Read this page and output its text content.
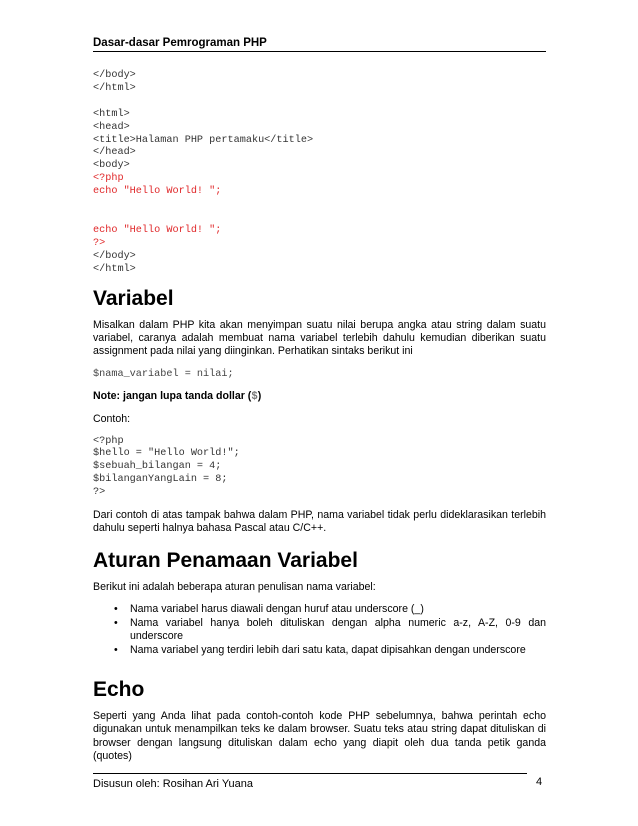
Dasar-dasar Pemrograman PHP
</body>
</html>

<html>
<head>
<title>Halaman PHP pertamaku</title>
</head>
<body>
<?php
echo "Hello World! ";

echo "Hello World! ";
?>
</body>
</html>
Variabel

Misalkan dalam PHP kita akan menyimpan suatu nilai berupa angka atau string dalam suatu variabel, caranya adalah membuat nama variabel terlebih dahulu kemudian diberikan suatu assignment pada nilai yang diinginkan. Perhatikan sintaks berikut ini

$nama_variabel = nilai;

Note: jangan lupa tanda dollar ($)

Contoh:

<?php
$hello = "Hello World!";
$sebuah_bilangan = 4;
$bilanganYangLain = 8;
?>

Dari contoh di atas tampak bahwa dalam PHP, nama variabel tidak perlu dideklarasikan terlebih dahulu seperti halnya bahasa Pascal atau C/C++.

Aturan Penamaan Variabel

Berikut ini adalah beberapa aturan penulisan nama variabel:

• Nama variabel harus diawali dengan huruf atau underscore (_)
• Nama variabel hanya boleh dituliskan dengan alpha numeric a-z, A-Z, 0-9 dan underscore
• Nama variabel yang terdiri lebih dari satu kata, dapat dipisahkan dengan underscore
Echo

Seperti yang Anda lihat pada contoh-contoh kode PHP sebelumnya, bahwa perintah echo digunakan untuk menampilkan teks ke dalam browser. Suatu teks atau string dapat dituliskan di browser dengan langsung dituliskan dalam echo yang diapit oleh dua tanda petik ganda (quotes)

Disusun oleh: Rosihan Ari Yuana	4
